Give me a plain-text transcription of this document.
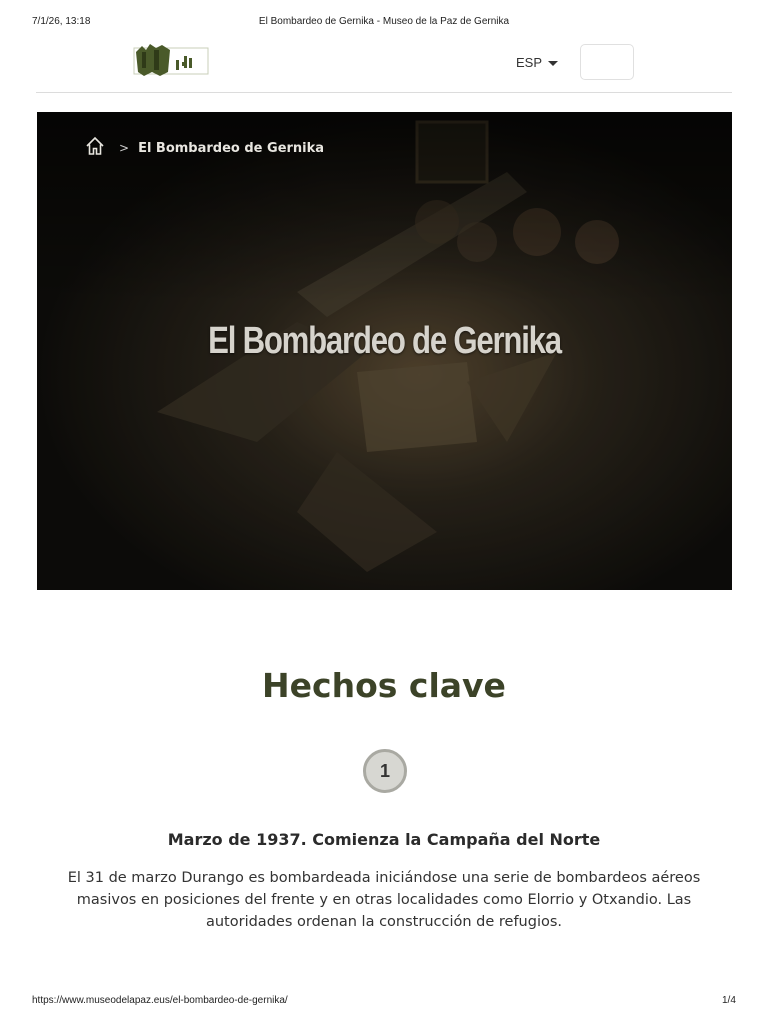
7/1/26, 13:18	El Bombardeo de Gernika - Museo de la Paz de Gernika
ESP
> El Bombardeo de Gernika
El Bombardeo de Gernika
Hechos clave
1
Marzo de 1937. Comienza la Campaña del Norte
El 31 de marzo Durango es bombardeada iniciándose una serie de bombardeos aéreos masivos en posiciones del frente y en otras localidades como Elorrio y Otxandio. Las autoridades ordenan la construcción de refugios.
https://www.museodelapaz.eus/el-bombardeo-de-gernika/	1/4
